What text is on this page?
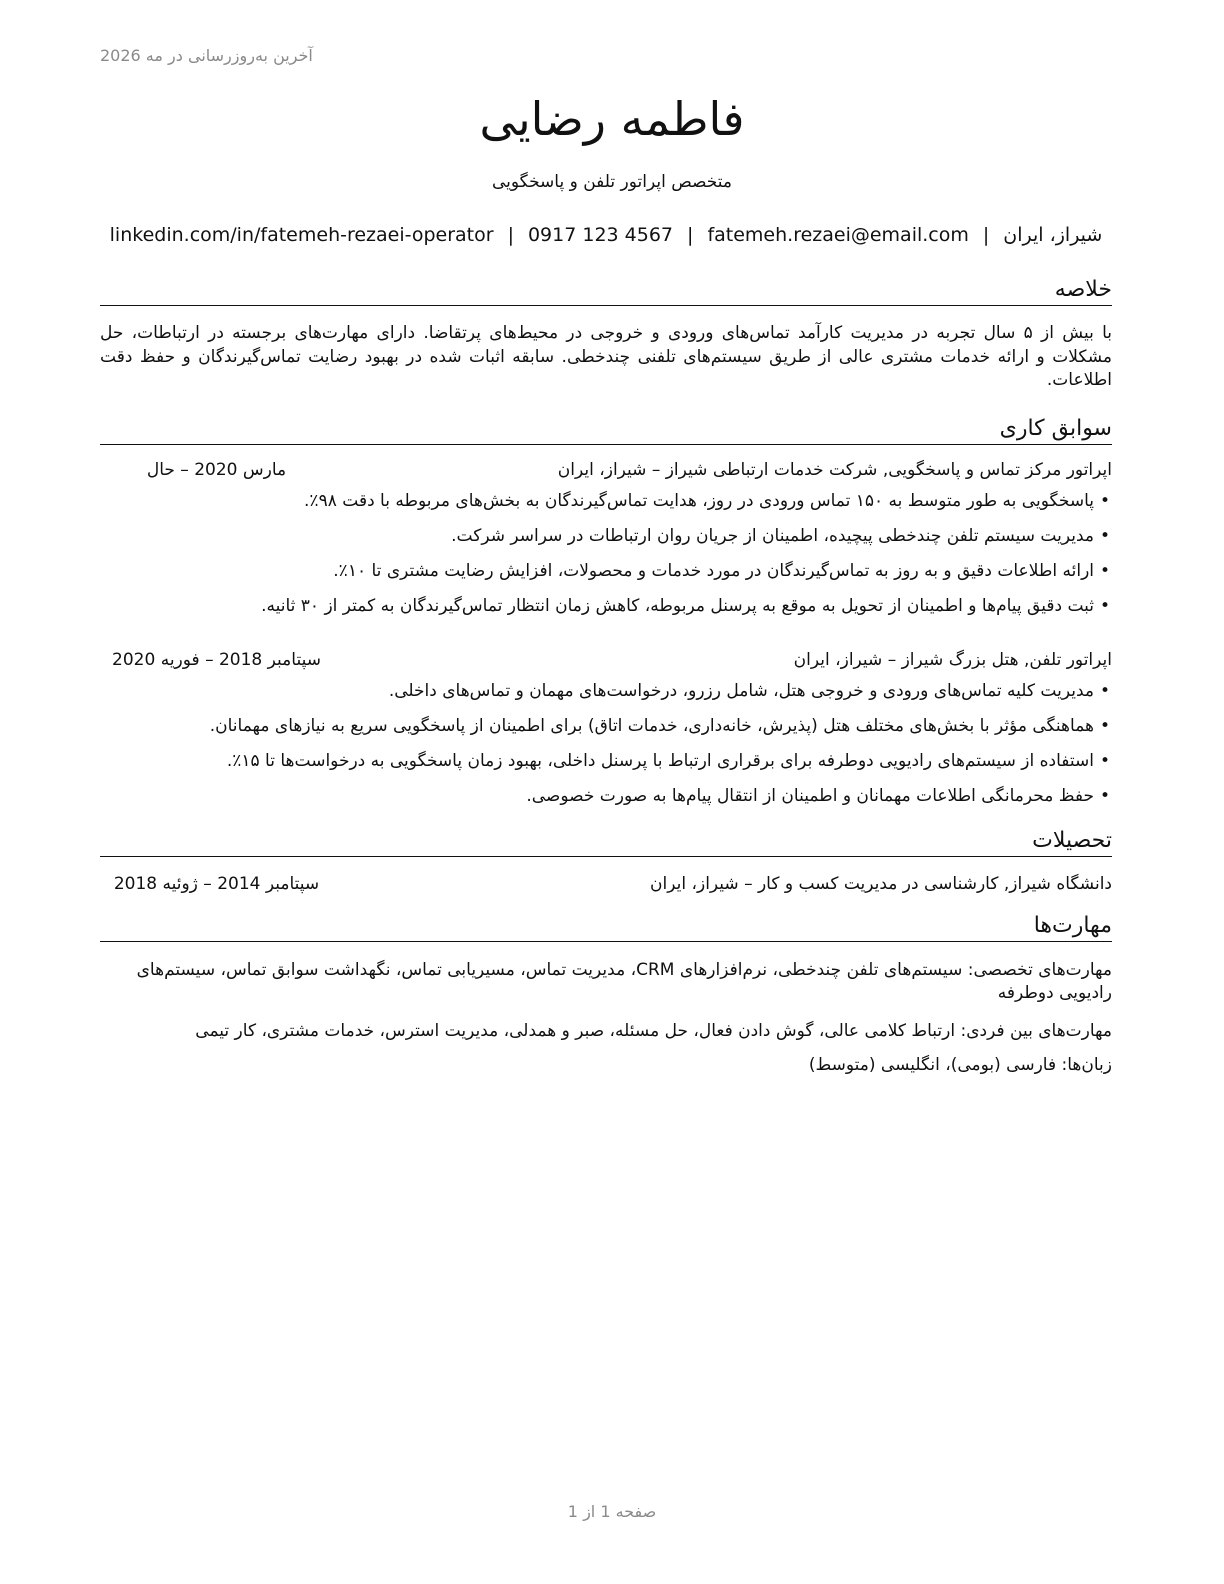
آخرین به‌روزرسانی در مه 2026
فاطمه رضایی
متخصص اپراتور تلفن و پاسخگویی
شیراز، ایران|fatemeh.rezaei@email.com|0917 123 4567|linkedin.com/in/fatemeh-rezaei-operator
خلاصه
با بیش از ۵ سال تجربه در مدیریت کارآمد تماس‌های ورودی و خروجی در محیط‌های پرتقاضا. دارای مهارت‌های برجسته در ارتباطات، حل مشکلات و ارائه خدمات مشتری عالی از طریق سیستم‌های تلفنی چندخطی. سابقه اثبات شده در بهبود رضایت تماس‌گیرندگان و حفظ دقت اطلاعات.
سوابق کاری
اپراتور مرکز تماس و پاسخگویی, شرکت خدمات ارتباطی شیراز – شیراز، ایران
مارس 2020 – حال
•
پاسخگویی به طور متوسط به ۱۵۰ تماس ورودی در روز، هدایت تماس‌گیرندگان به بخش‌های مربوطه با دقت ۹۸٪.
•
مدیریت سیستم تلفن چندخطی پیچیده، اطمینان از جریان روان ارتباطات در سراسر شرکت.
•
ارائه اطلاعات دقیق و به روز به تماس‌گیرندگان در مورد خدمات و محصولات، افزایش رضایت مشتری تا ۱۰٪.
•
ثبت دقیق پیام‌ها و اطمینان از تحویل به موقع به پرسنل مربوطه، کاهش زمان انتظار تماس‌گیرندگان به کمتر از ۳۰ ثانیه.
اپراتور تلفن, هتل بزرگ شیراز – شیراز، ایران
سپتامبر 2018 – فوریه 2020
•
مدیریت کلیه تماس‌های ورودی و خروجی هتل، شامل رزرو، درخواست‌های مهمان و تماس‌های داخلی.
•
هماهنگی مؤثر با بخش‌های مختلف هتل (پذیرش، خانه‌داری، خدمات اتاق) برای اطمینان از پاسخگویی سریع به نیازهای مهمانان.
•
استفاده از سیستم‌های رادیویی دوطرفه برای برقراری ارتباط با پرسنل داخلی، بهبود زمان پاسخگویی به درخواست‌ها تا ۱۵٪.
•
حفظ محرمانگی اطلاعات مهمانان و اطمینان از انتقال پیام‌ها به صورت خصوصی.
تحصیلات
دانشگاه شیراز, کارشناسی در مدیریت کسب و کار – شیراز، ایران
سپتامبر 2014 – ژوئیه 2018
مهارت‌ها
مهارت‌های تخصصی: سیستم‌های تلفن چندخطی، نرم‌افزارهای CRM، مدیریت تماس، مسیریابی تماس، نگهداشت سوابق تماس، سیستم‌های رادیویی دوطرفه
مهارت‌های بین فردی: ارتباط کلامی عالی، گوش دادن فعال، حل مسئله، صبر و همدلی، مدیریت استرس، خدمات مشتری، کار تیمی
زبان‌ها: فارسی (بومی)، انگلیسی (متوسط)
صفحه 1 از 1
